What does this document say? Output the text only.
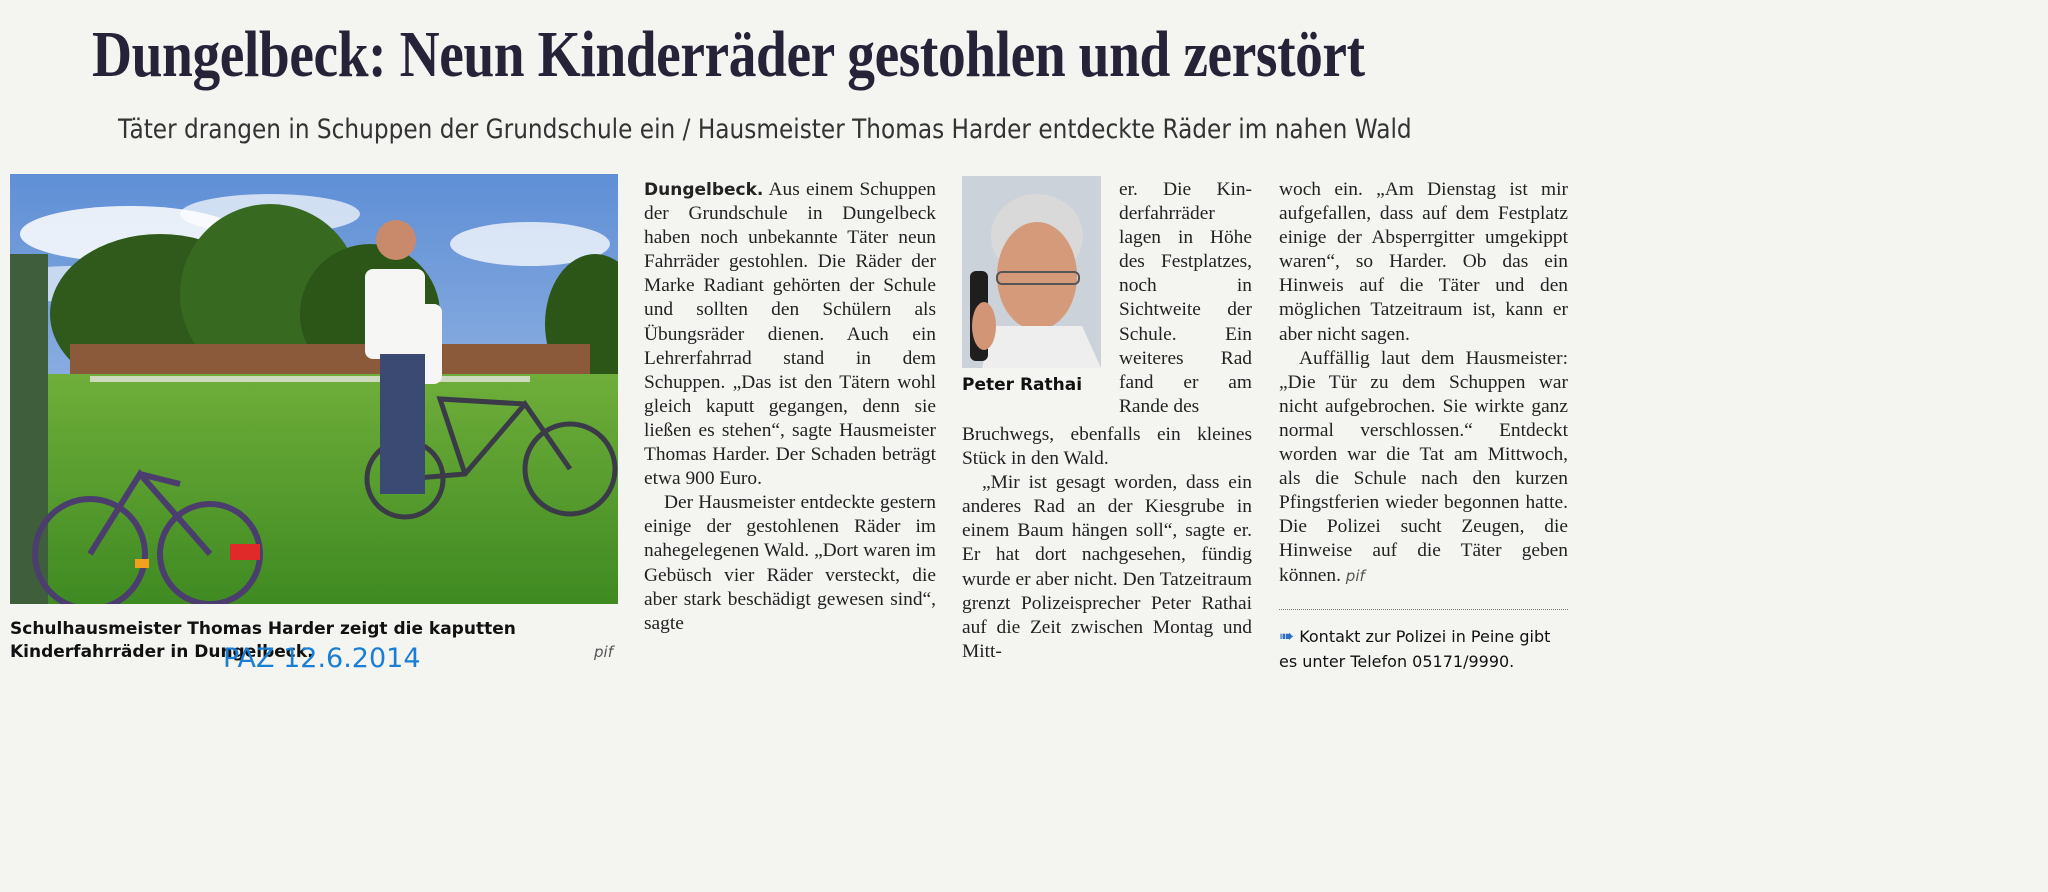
Dungelbeck: Neun Kinderräder gestohlen und zerstört
Täter drangen in Schuppen der Grundschule ein / Hausmeister Thomas Harder entdeckte Räder im nahen Wald
Schulhausmeister Thomas Harder zeigt die kaputten Kinderfahrräder in Dungelbeck.	pif
PAZ 12.6.2014

Dungelbeck. Aus einem Schuppen der Grundschule in Dungelbeck haben noch unbekannte Täter neun Fahrräder gestohlen. Die Räder der Marke Radiant gehörten der Schule und sollten den Schülern als Übungsräder dienen. Auch ein Lehrerfahrrad stand in dem Schuppen. „Das ist den Tätern wohl gleich kaputt gegangen, denn sie ließen es stehen“, sagte Hausmeister Thomas Harder. Der Schaden beträgt etwa 900 Euro.

Der Hausmeister entdeckte gestern einige der gestohlenen Räder im nahegelegenen Wald. „Dort waren im Gebüsch vier Räder versteckt, die aber stark beschädigt gewesen sind“, sagte

Peter Rathai

er. Die Kinderfahrräder lagen in Höhe des Festplatzes, noch in Sichtweite der Schule. Ein weiteres Rad fand er am Rande des

Bruchwegs, ebenfalls ein kleines Stück in den Wald.

„Mir ist gesagt worden, dass ein anderes Rad an der Kiesgrube in einem Baum hängen soll“, sagte er. Er hat dort nachgesehen, fündig wurde er aber nicht. Den Tatzeitraum grenzt Polizeisprecher Peter Rathai auf die Zeit zwischen Montag und Mitt-

woch ein. „Am Dienstag ist mir aufgefallen, dass auf dem Festplatz einige der Absperrgitter umgekippt waren“, so Harder. Ob das ein Hinweis auf die Täter und den möglichen Tatzeitraum ist, kann er aber nicht sagen.

Auffällig laut dem Hausmeister: „Die Tür zu dem Schuppen war nicht aufgebrochen. Sie wirkte ganz normal verschlossen.“ Entdeckt worden war die Tat am Mittwoch, als die Schule nach den kurzen Pfingstferien wieder begonnen hatte. Die Polizei sucht Zeugen, die Hinweise auf die Täter geben können. pif

➠ Kontakt zur Polizei in Peine gibt es unter Telefon 05171/9990.
